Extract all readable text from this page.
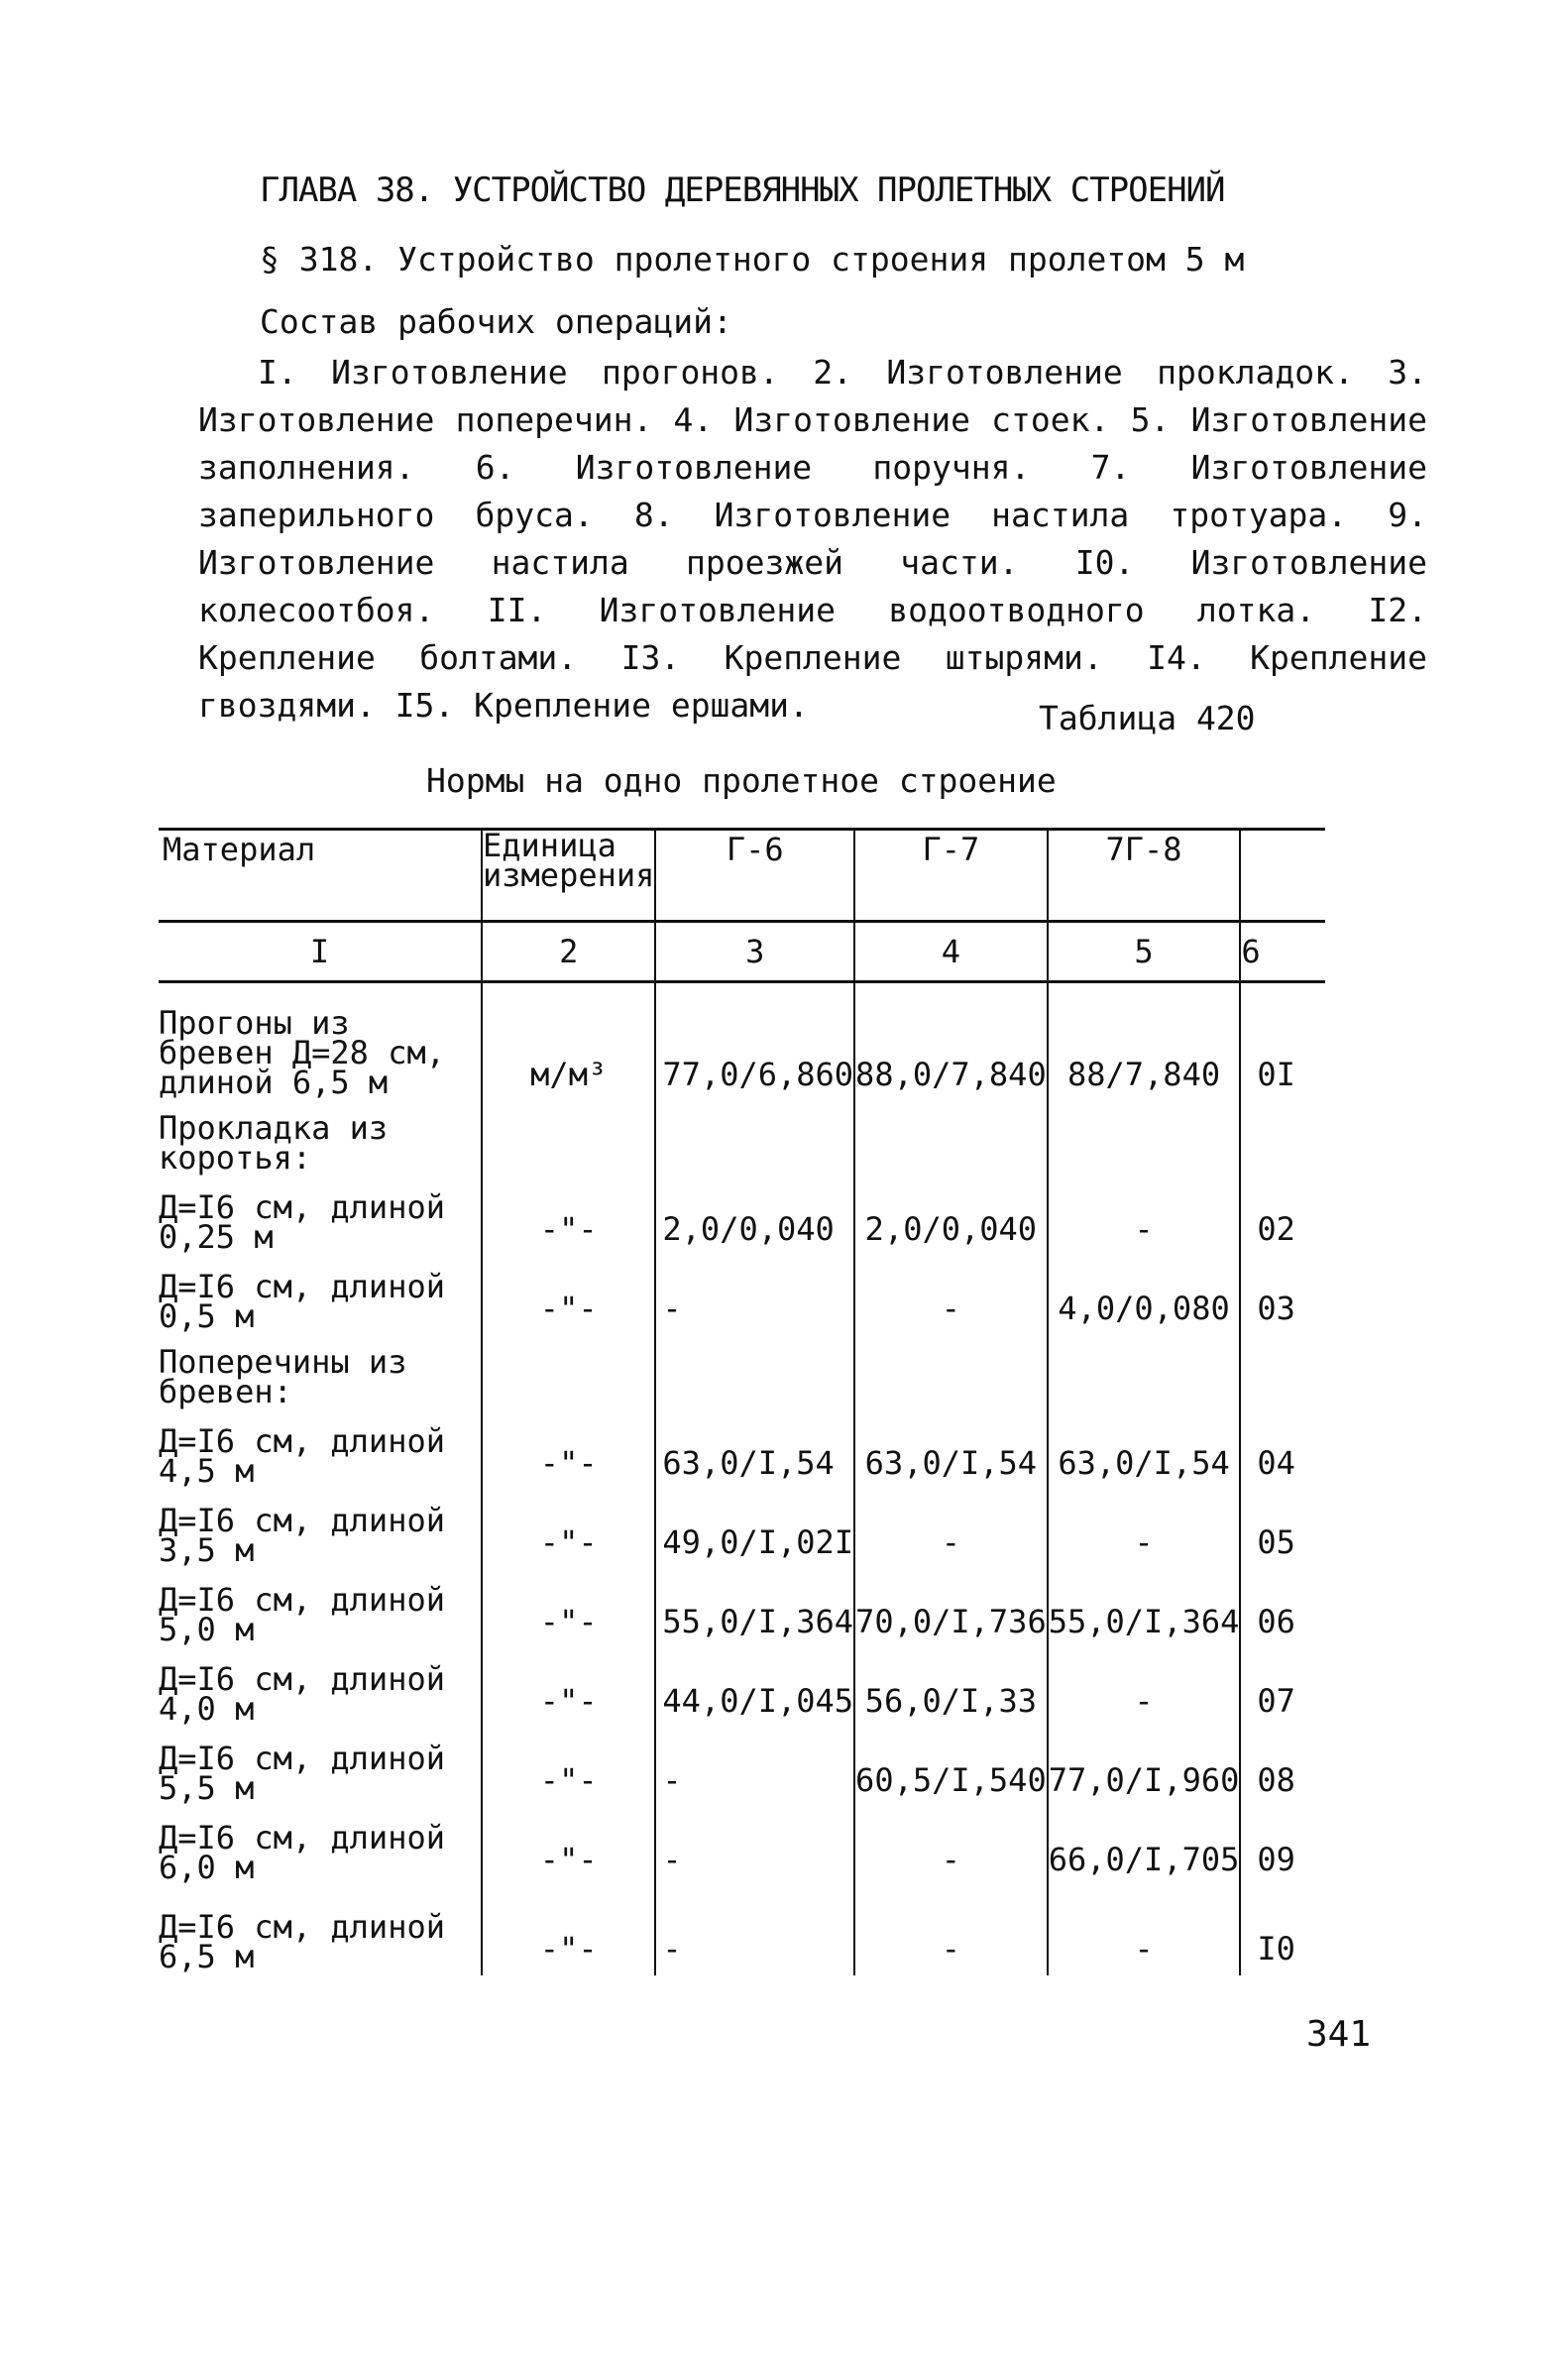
ГЛАВА 38. УСТРОЙСТВО ДЕРЕВЯННЫХ ПРОЛЕТНЫХ СТРОЕНИЙ
§ 318. Устройство пролетного строения пролетом 5 м
Состав рабочих операций:
I. Изготовление прогонов. 2. Изготовление прокладок. 3. Изготовление поперечин. 4. Изготовление стоек. 5. Изготовление заполнения. 6. Изготовление поручня. 7. Изготовление заперильного бруса. 8. Изготовление настила тротуара. 9. Изготовление настила проезжей части. I0. Изготовление колесоотбоя. II. Изготовление водоотводного лотка. I2. Крепление болтами. I3. Крепление штырями. I4. Крепление гвоздями. I5. Крепление ершами.	Таблица 420
Нормы на одно пролетное строение
Материал	Единица измерения	Г-6	Г-7	7Г-8	
I	2	3	4	5	6
Прогоны из бревен Д=28 см, длиной 6,5 м	м/м³	77,0/6,860	88,0/7,840	88/7,840	0I
Прокладка из коротья:					
Д=I6 см, длиной 0,25 м	-"-	2,0/0,040	2,0/0,040	-	02
Д=I6 см, длиной 0,5 м	-"-	-	-	4,0/0,080	03
Поперечины из бревен:					
Д=I6 см, длиной 4,5 м	-"-	63,0/I,54	63,0/I,54	63,0/I,54	04
Д=I6 см, длиной 3,5 м	-"-	49,0/I,02I	-	-	05
Д=I6 см, длиной 5,0 м	-"-	55,0/I,364	70,0/I,736	55,0/I,364	06
Д=I6 см, длиной 4,0 м	-"-	44,0/I,045	56,0/I,33	-	07
Д=I6 см, длиной 5,5 м	-"-	-	60,5/I,540	77,0/I,960	08
Д=I6 см, длиной 6,0 м	-"-	-	-	66,0/I,705	09
Д=I6 см, длиной 6,5 м	-"-	-	-	-	I0
341
